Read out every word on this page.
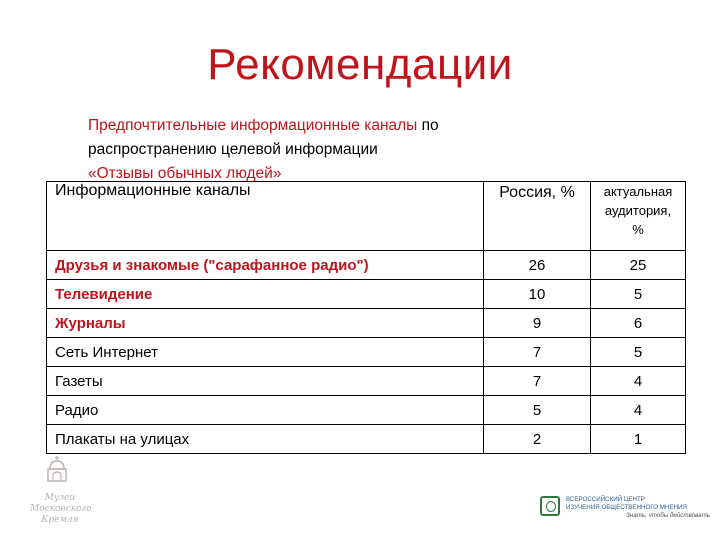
Рекомендации
Предпочтительные информационные каналы по
распространению целевой информации
«Отзывы обычных людей»
Информационные каналы	Россия, %	актуальная аудитория, %
Друзья и знакомые ("сарафанное радио")	26	25
Телевидение	10	5
Журналы	9	6
Сеть Интернет	7	5
Газеты	7	4
Радио	5	4
Плакаты на улицах	2	1
Музеи Московского Кремля
ВСЕРОССИЙСКИЙ ЦЕНТР
ИЗУЧЕНИЯ ОБЩЕСТВЕННОГО МНЕНИЯ
Знать, чтобы действовать
